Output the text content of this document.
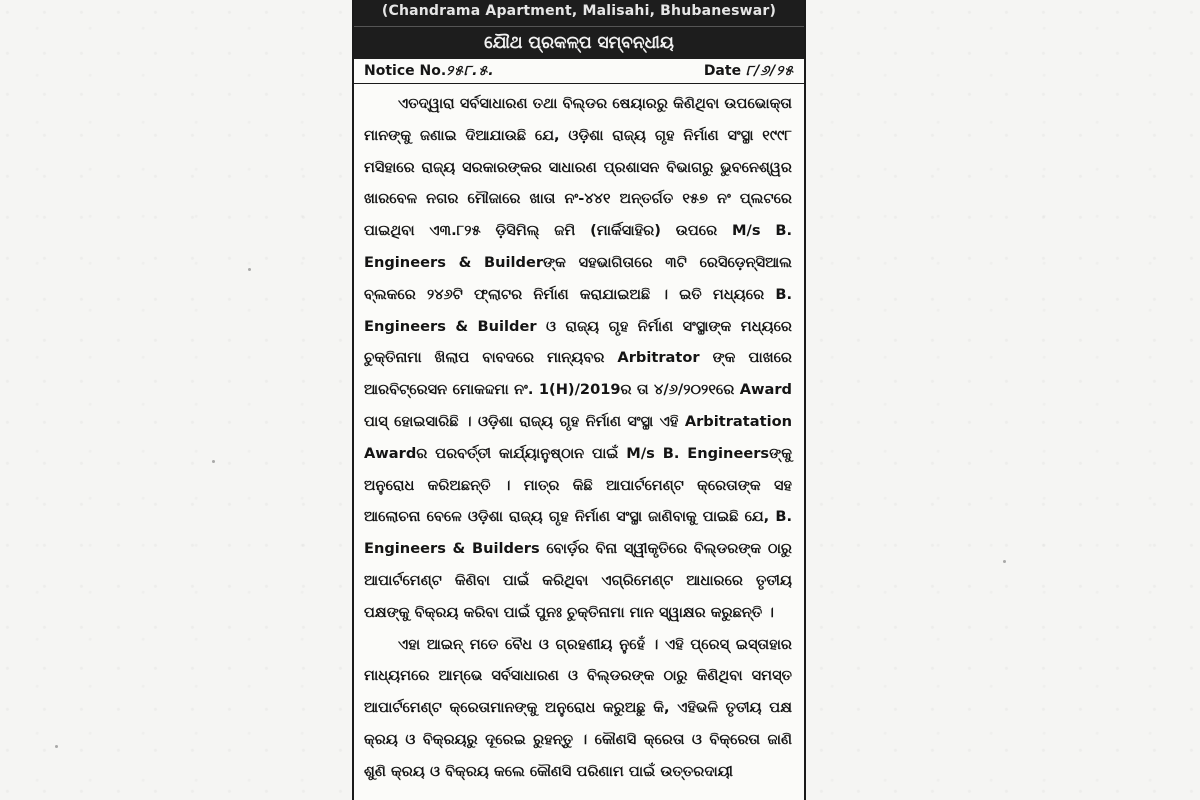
(Chandrama Apartment, Malisahi, Bhubaneswar)
ଯୌଥ ପ୍ରକଳ୍ପ ସମ୍ବନ୍ଧୀୟ
Notice No.୨୫୮.୫.	Date ୮/୬/୨୫

ଏତଦ୍ୱାରା ସର୍ବସାଧାରଣ ତଥା ବିଲ୍ଡର ଷେୟାରରୁ କିଣିଥିବା ଉପଭୋକ୍ତା ମାନଙ୍କୁ ଜଣାଇ ଦିଆଯାଉଛି ଯେ, ଓଡ଼ିଶା ରାଜ୍ୟ ଗୃହ ନିର୍ମାଣ ସଂସ୍ଥା ୧୯୯୮ ମସିହାରେ ରାଜ୍ୟ ସରକାରଙ୍କର ସାଧାରଣ ପ୍ରଶାସନ ବିଭାଗରୁ ଭୁବନେଶ୍ୱର ଖାରବେଳ ନଗର ମୌଜାରେ ଖାତା ନଂ-୪୪୧ ଅନ୍ତର୍ଗତ ୧୫୭ ନଂ ପ୍ଲଟରେ ପାଇଥିବା ଏ୩.୮୨୫ ଡ଼ିସିମିଲ୍ ଜମି (ମାର୍କିସାହିର) ଉପରେ M/s B. Engineers & Builderଙ୍କ ସହଭାଗିତାରେ ୩ଟି ରେସିଡ଼େନ୍‌ସିଆଲ ବ୍ଲକରେ ୨୪୬ଟି ଫ୍ଲାଟର ନିର୍ମାଣ କରାଯାଇଅଛି । ଇତି ମଧ୍ୟରେ B. Engineers & Builder ଓ ରାଜ୍ୟ ଗୃହ ନିର୍ମାଣ ସଂସ୍ଥାଙ୍କ ମଧ୍ୟରେ ଚୁକ୍ତିନାମା ଖିଲାପ ବାବଦରେ ମାନ୍ୟବର Arbitrator ଙ୍କ ପାଖରେ ଆରବିଟ୍ରେସନ ମୋକଦ୍ଦମା ନଂ. 1(H)/2019ର ତା ୪/୬/୨୦୨୧ରେ Award ପାସ୍ ହୋଇସାରିଛି । ଓଡ଼ିଶା ରାଜ୍ୟ ଗୃହ ନିର୍ମାଣ ସଂସ୍ଥା ଏହି Arbitratation Awardର ପରବର୍ତ୍ତୀ କାର୍ଯ୍ୟାନୁଷ୍ଠାନ ପାଇଁ M/s B. Engineersଙ୍କୁ ଅନୁରୋଧ କରିଅଛନ୍ତି । ମାତ୍ର କିଛି ଆପାର୍ଟମେଣ୍ଟ କ୍ରେତାଙ୍କ ସହ ଆଲୋଚନା ବେଳେ ଓଡ଼ିଶା ରାଜ୍ୟ ଗୃହ ନିର୍ମାଣ ସଂସ୍ଥା ଜାଣିବାକୁ ପାଇଛି ଯେ, B. Engineers & Builders ବୋର୍ଡ଼ର ବିନା ସ୍ୱୀକୃତିରେ ବିଲ୍ଡରଙ୍କ ଠାରୁ ଆପାର୍ଟମେଣ୍ଟ କିଣିବା ପାଇଁ କରିଥିବା ଏଗ୍ରିମେଣ୍ଟ ଆଧାରରେ ତୃତୀୟ ପକ୍ଷଙ୍କୁ ବିକ୍ରୟ କରିବା ପାଇଁ ପୁନଃ ଚୁକ୍ତିନାମା ମାନ ସ୍ୱାକ୍ଷର କରୁଛନ୍ତି ।

ଏହା ଆଇନ୍ ମତେ ବୈଧ ଓ ଗ୍ରହଣୀୟ ନୁହେଁ । ଏହି ପ୍ରେସ୍ ଇସ୍ତାହାର ମାଧ୍ୟମରେ ଆମ୍ଭେ ସର୍ବସାଧାରଣ ଓ ବିଲ୍ଡରଙ୍କ ଠାରୁ କିଣିଥିବା ସମସ୍ତ ଆପାର୍ଟମେଣ୍ଟ କ୍ରେତାମାନଙ୍କୁ ଅନୁରୋଧ କରୁଅଛୁ କି, ଏହିଭଳି ତୃତୀୟ ପକ୍ଷ କ୍ରୟ ଓ ବିକ୍ରୟରୁ ଦୂରେଇ ରୁହନ୍ତୁ । କୌଣସି କ୍ରେତା ଓ ବିକ୍ରେତା ଜାଣି ଶୁଣି କ୍ରୟ ଓ ବିକ୍ରୟ କଲେ କୌଣସି ପରିଣାମ ପାଇଁ ଉତ୍ତରଦାୟୀ
